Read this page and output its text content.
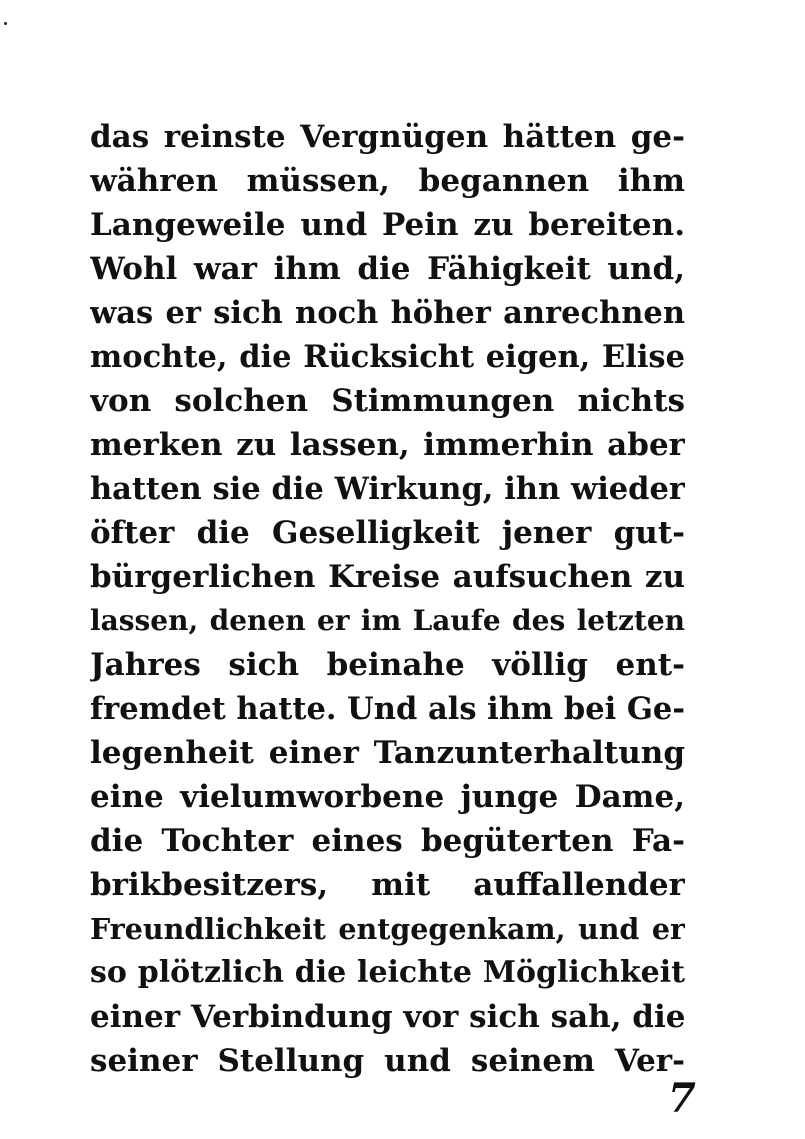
das reinste Vergnügen hätten ge-
währen müssen, begannen ihm
Langeweile und Pein zu bereiten.
Wohl war ihm die Fähigkeit und,
was er sich noch höher anrechnen
mochte, die Rücksicht eigen, Elise
von solchen Stimmungen nichts
merken zu lassen, immerhin aber
hatten sie die Wirkung, ihn wieder
öfter die Geselligkeit jener gut-
bürgerlichen Kreise aufsuchen zu
lassen, denen er im Laufe des letzten
Jahres sich beinahe völlig ent-
fremdet hatte. Und als ihm bei Ge-
legenheit einer Tanzunterhaltung
eine vielumworbene junge Dame,
die Tochter eines begüterten Fa-
brikbesitzers, mit auffallender
Freundlichkeit entgegenkam, und er
so plötzlich die leichte Möglichkeit
einer Verbindung vor sich sah, die
seiner Stellung und seinem Ver-
7
